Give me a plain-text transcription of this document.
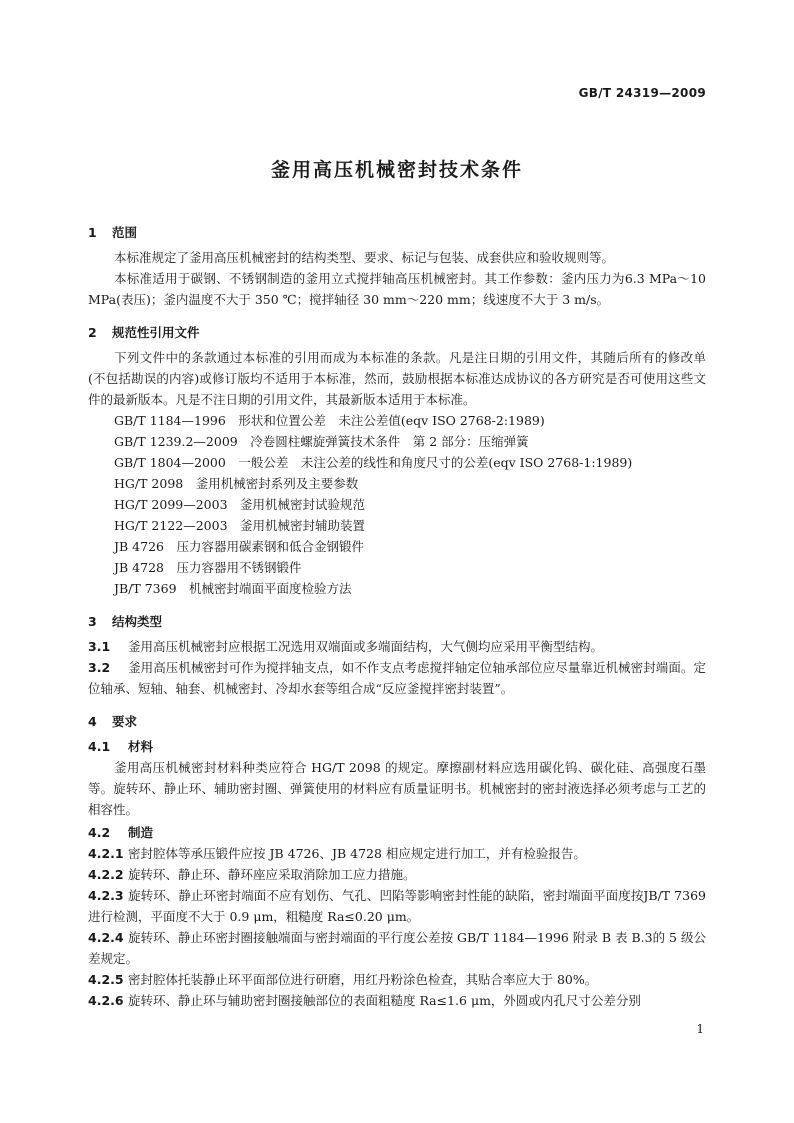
GB/T 24319—2009
釜用高压机械密封技术条件
1 范围

本标准规定了釜用高压机械密封的结构类型、要求、标记与包装、成套供应和验收规则等。

本标准适用于碳钢、不锈钢制造的釜用立式搅拌轴高压机械密封。其工作参数：釜内压力为6.3 MPa～10 MPa(表压)；釜内温度不大于 350 ℃；搅拌轴径 30 mm～220 mm；线速度不大于 3 m/s。

2 规范性引用文件

下列文件中的条款通过本标准的引用而成为本标准的条款。凡是注日期的引用文件，其随后所有的修改单(不包括勘误的内容)或修订版均不适用于本标准，然而，鼓励根据本标准达成协议的各方研究是否可使用这些文件的最新版本。凡是不注日期的引用文件，其最新版本适用于本标准。

GB/T 1184—1996　形状和位置公差　未注公差值(eqv ISO 2768-2:1989)

GB/T 1239.2—2009　冷卷圆柱螺旋弹簧技术条件　第 2 部分：压缩弹簧

GB/T 1804—2000　一般公差　未注公差的线性和角度尺寸的公差(eqv ISO 2768-1:1989)

HG/T 2098　釜用机械密封系列及主要参数

HG/T 2099—2003　釜用机械密封试验规范

HG/T 2122—2003　釜用机械密封辅助装置

JB 4726　压力容器用碳素钢和低合金钢锻件

JB 4728　压力容器用不锈钢锻件

JB/T 7369　机械密封端面平面度检验方法

3 结构类型

3.1 釜用高压机械密封应根据工况选用双端面或多端面结构，大气侧均应采用平衡型结构。

3.2 釜用高压机械密封可作为搅拌轴支点，如不作支点考虑搅拌轴定位轴承部位应尽量靠近机械密封端面。定位轴承、短轴、轴套、机械密封、冷却水套等组合成“反应釜搅拌密封装置”。

4 要求
4.1 材料

釜用高压机械密封材料种类应符合 HG/T 2098 的规定。摩擦副材料应选用碳化钨、碳化硅、高强度石墨等。旋转环、静止环、辅助密封圈、弹簧使用的材料应有质量证明书。机械密封的密封液选择必须考虑与工艺的相容性。

4.2 制造

4.2.1 密封腔体等承压锻件应按 JB 4726、JB 4728 相应规定进行加工，并有检验报告。

4.2.2 旋转环、静止环、静环座应采取消除加工应力措施。

4.2.3 旋转环、静止环密封端面不应有划伤、气孔、凹陷等影响密封性能的缺陷，密封端面平面度按JB/T 7369 进行检测，平面度不大于 0.9 μm，粗糙度 Ra≤0.20 μm。

4.2.4 旋转环、静止环密封圈接触端面与密封端面的平行度公差按 GB/T 1184—1996 附录 B 表 B.3的 5 级公差规定。

4.2.5 密封腔体托装静止环平面部位进行研磨，用红丹粉涂色检查，其贴合率应大于 80%。

4.2.6 旋转环、静止环与辅助密封圈接触部位的表面粗糙度 Ra≤1.6 μm，外圆或内孔尺寸公差分别

1
